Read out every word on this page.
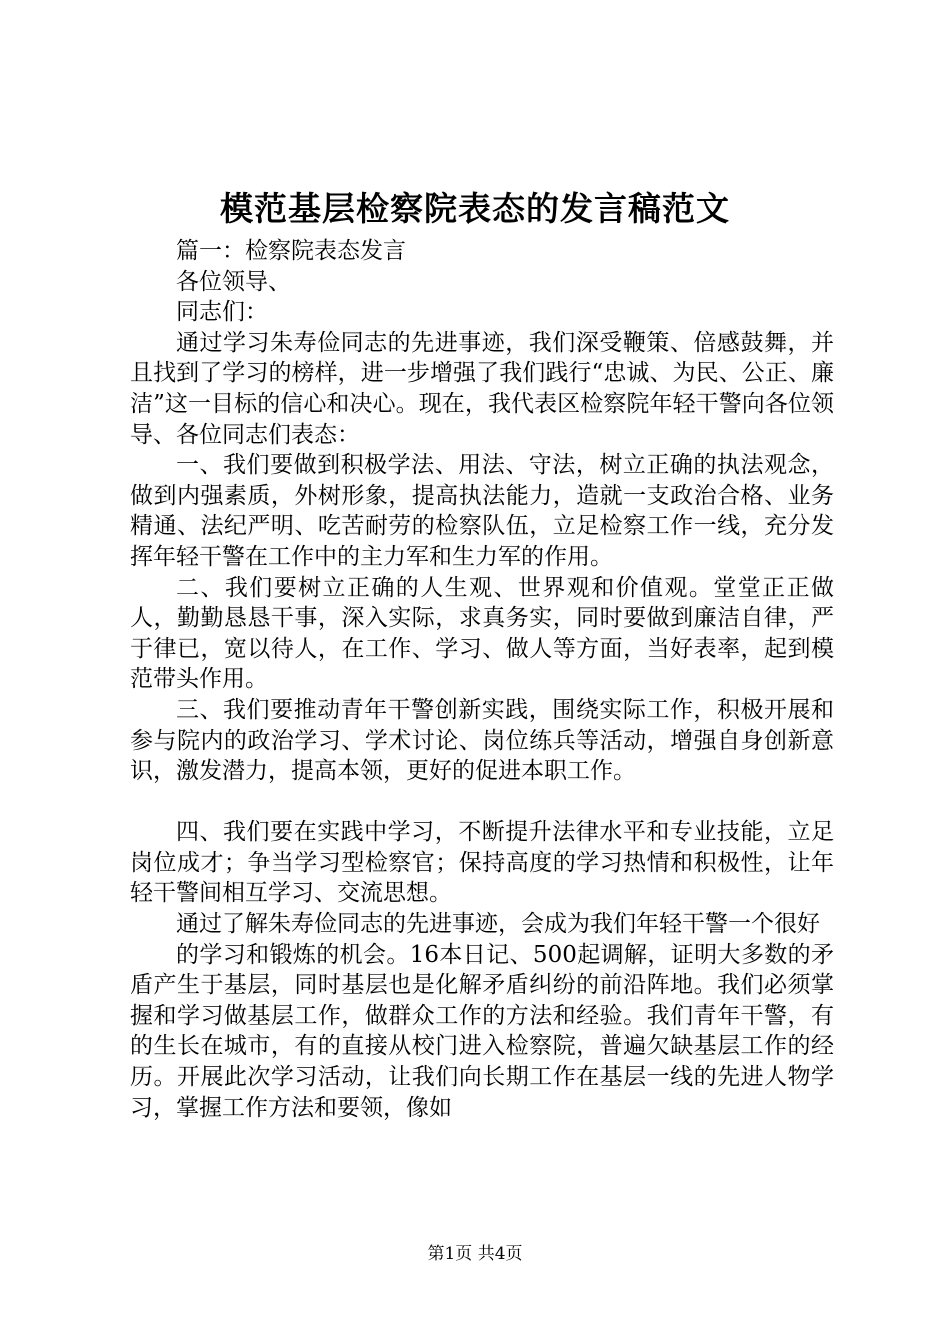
模范基层检察院表态的发言稿范文

篇一：检察院表态发言

各位领导、

同志们：

通过学习朱寿俭同志的先进事迹，我们深受鞭策、倍感鼓舞，并且找到了学习的榜样，进一步增强了我们践行“忠诚、为民、公正、廉洁”这一目标的信心和决心。现在，我代表区检察院年轻干警向各位领导、各位同志们表态：

一、我们要做到积极学法、用法、守法，树立正确的执法观念，做到内强素质，外树形象，提高执法能力，造就一支政治合格、业务精通、法纪严明、吃苦耐劳的检察队伍，立足检察工作一线，充分发挥年轻干警在工作中的主力军和生力军的作用。

二、我们要树立正确的人生观、世界观和价值观。堂堂正正做人，勤勤恳恳干事，深入实际，求真务实，同时要做到廉洁自律，严于律已，宽以待人，在工作、学习、做人等方面，当好表率，起到模范带头作用。

三、我们要推动青年干警创新实践，围绕实际工作，积极开展和参与院内的政治学习、学术讨论、岗位练兵等活动，增强自身创新意识，激发潜力，提高本领，更好的促进本职工作。

四、我们要在实践中学习，不断提升法律水平和专业技能，立足岗位成才；争当学习型检察官；保持高度的学习热情和积极性，让年轻干警间相互学习、交流思想。

通过了解朱寿俭同志的先进事迹，会成为我们年轻干警一个很好

的学习和锻炼的机会。16本日记、500起调解，证明大多数的矛盾产生于基层，同时基层也是化解矛盾纠纷的前沿阵地。我们必须掌握和学习做基层工作，做群众工作的方法和经验。我们青年干警，有的生长在城市，有的直接从校门进入检察院，普遍欠缺基层工作的经历。开展此次学习活动，让我们向长期工作在基层一线的先进人物学习，掌握工作方法和要领，像如

第1页 共4页
